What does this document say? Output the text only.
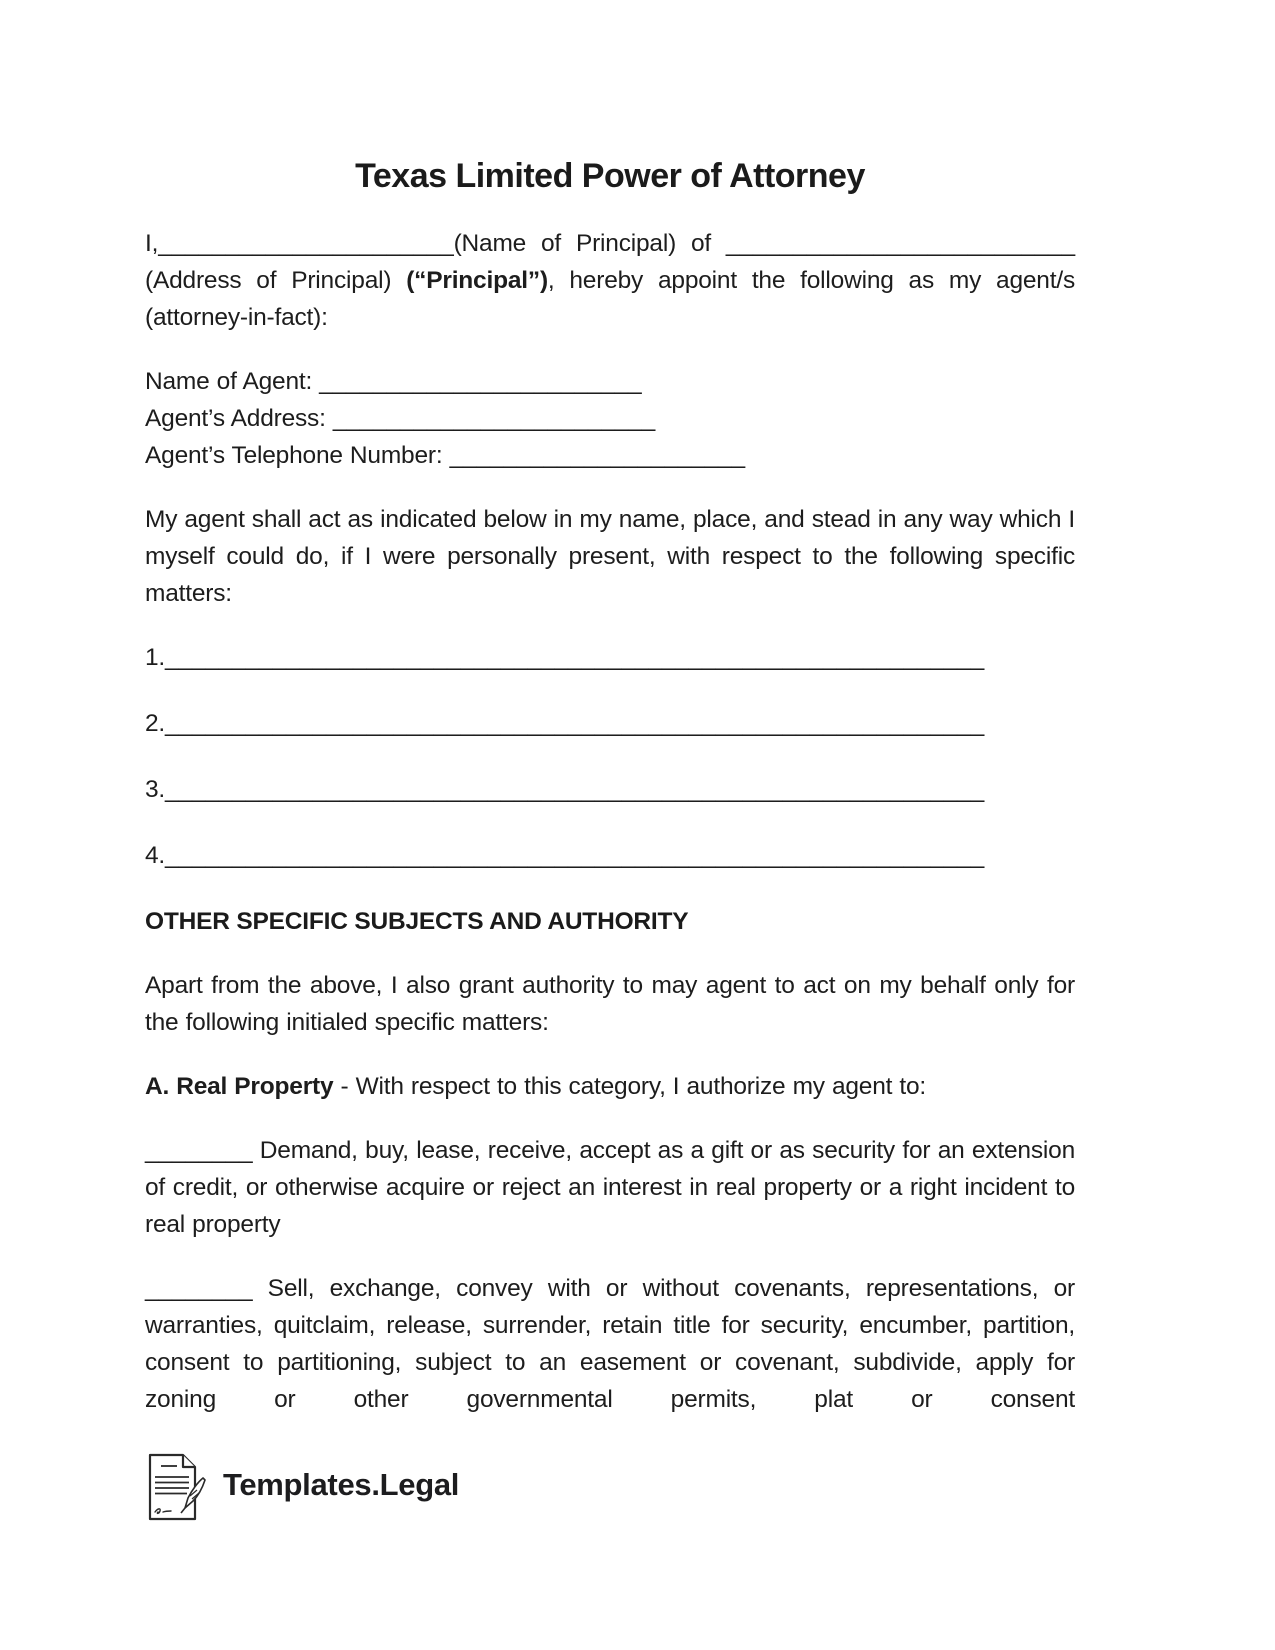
Texas Limited Power of Attorney

I,______________________(Name of Principal) of __________________________ (Address of Principal) (“Principal”), hereby appoint the following as my agent/s (attorney-in-fact):

Name of Agent: ________________________
Agent’s Address: ________________________
Agent’s Telephone Number: ______________________

My agent shall act as indicated below in my name, place, and stead in any way which I myself could do, if I were personally present, with respect to the following specific matters:

1._____________________________________________________________
2._____________________________________________________________
3._____________________________________________________________
4._____________________________________________________________
OTHER SPECIFIC SUBJECTS AND AUTHORITY

Apart from the above, I also grant authority to may agent to act on my behalf only for the following initialed specific matters:

A. Real Property - With respect to this category, I authorize my agent to:

________ Demand, buy, lease, receive, accept as a gift or as security for an extension of credit, or otherwise acquire or reject an interest in real property or a right incident to real property

________ Sell, exchange, convey with or without covenants, representations, or warranties, quitclaim, release, surrender, retain title for security, encumber, partition, consent to partitioning, subject to an easement or covenant, subdivide, apply for zoning or other governmental permits, plat or consent

Templates.Legal
